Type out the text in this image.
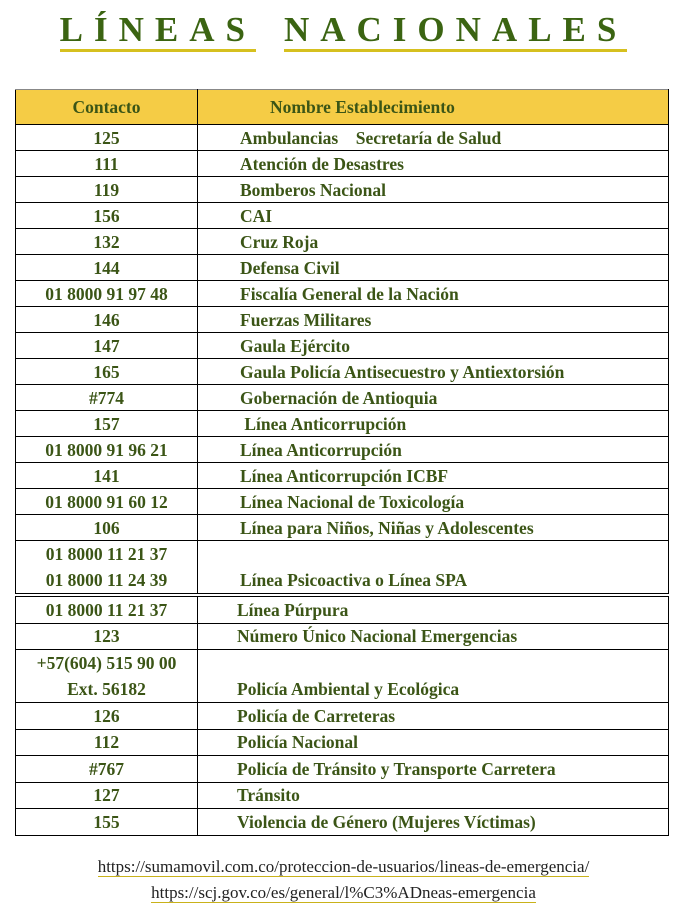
LÍNEAS NACIONALES
Contacto	Nombre Establecimiento
125	Ambulancias    Secretaría de Salud
111	Atención de Desastres
119	Bomberos Nacional
156	CAI
132	Cruz Roja
144	Defensa Civil
01 8000 91 97 48	Fiscalía General de la Nación
146	Fuerzas Militares
147	Gaula Ejército
165	Gaula Policía Antisecuestro y Antiextorsión
#774	Gobernación de Antioquia
157	Línea Anticorrupción
01 8000 91 96 21	Línea Anticorrupción
141	Línea Anticorrupción ICBF
01 8000 91 60 12	Línea Nacional de Toxicología
106	Línea para Niños, Niñas y Adolescentes

01 8000 11 21 37
01 8000 11 24 39	Línea Psicoactiva o Línea SPA
01 8000 11 21 37	Línea Púrpura
123	Número Único Nacional Emergencias

+57(604) 515 90 00
Ext. 56182	Policía Ambiental y Ecológica
126	Policía de Carreteras
112	Policía Nacional
#767	Policía de Tránsito y Transporte Carretera
127	Tránsito
155	Violencia de Género (Mujeres Víctimas)
https://sumamovil.com.co/proteccion-de-usuarios/lineas-de-emergencia/
https://scj.gov.co/es/general/l%C3%ADneas-emergencia
